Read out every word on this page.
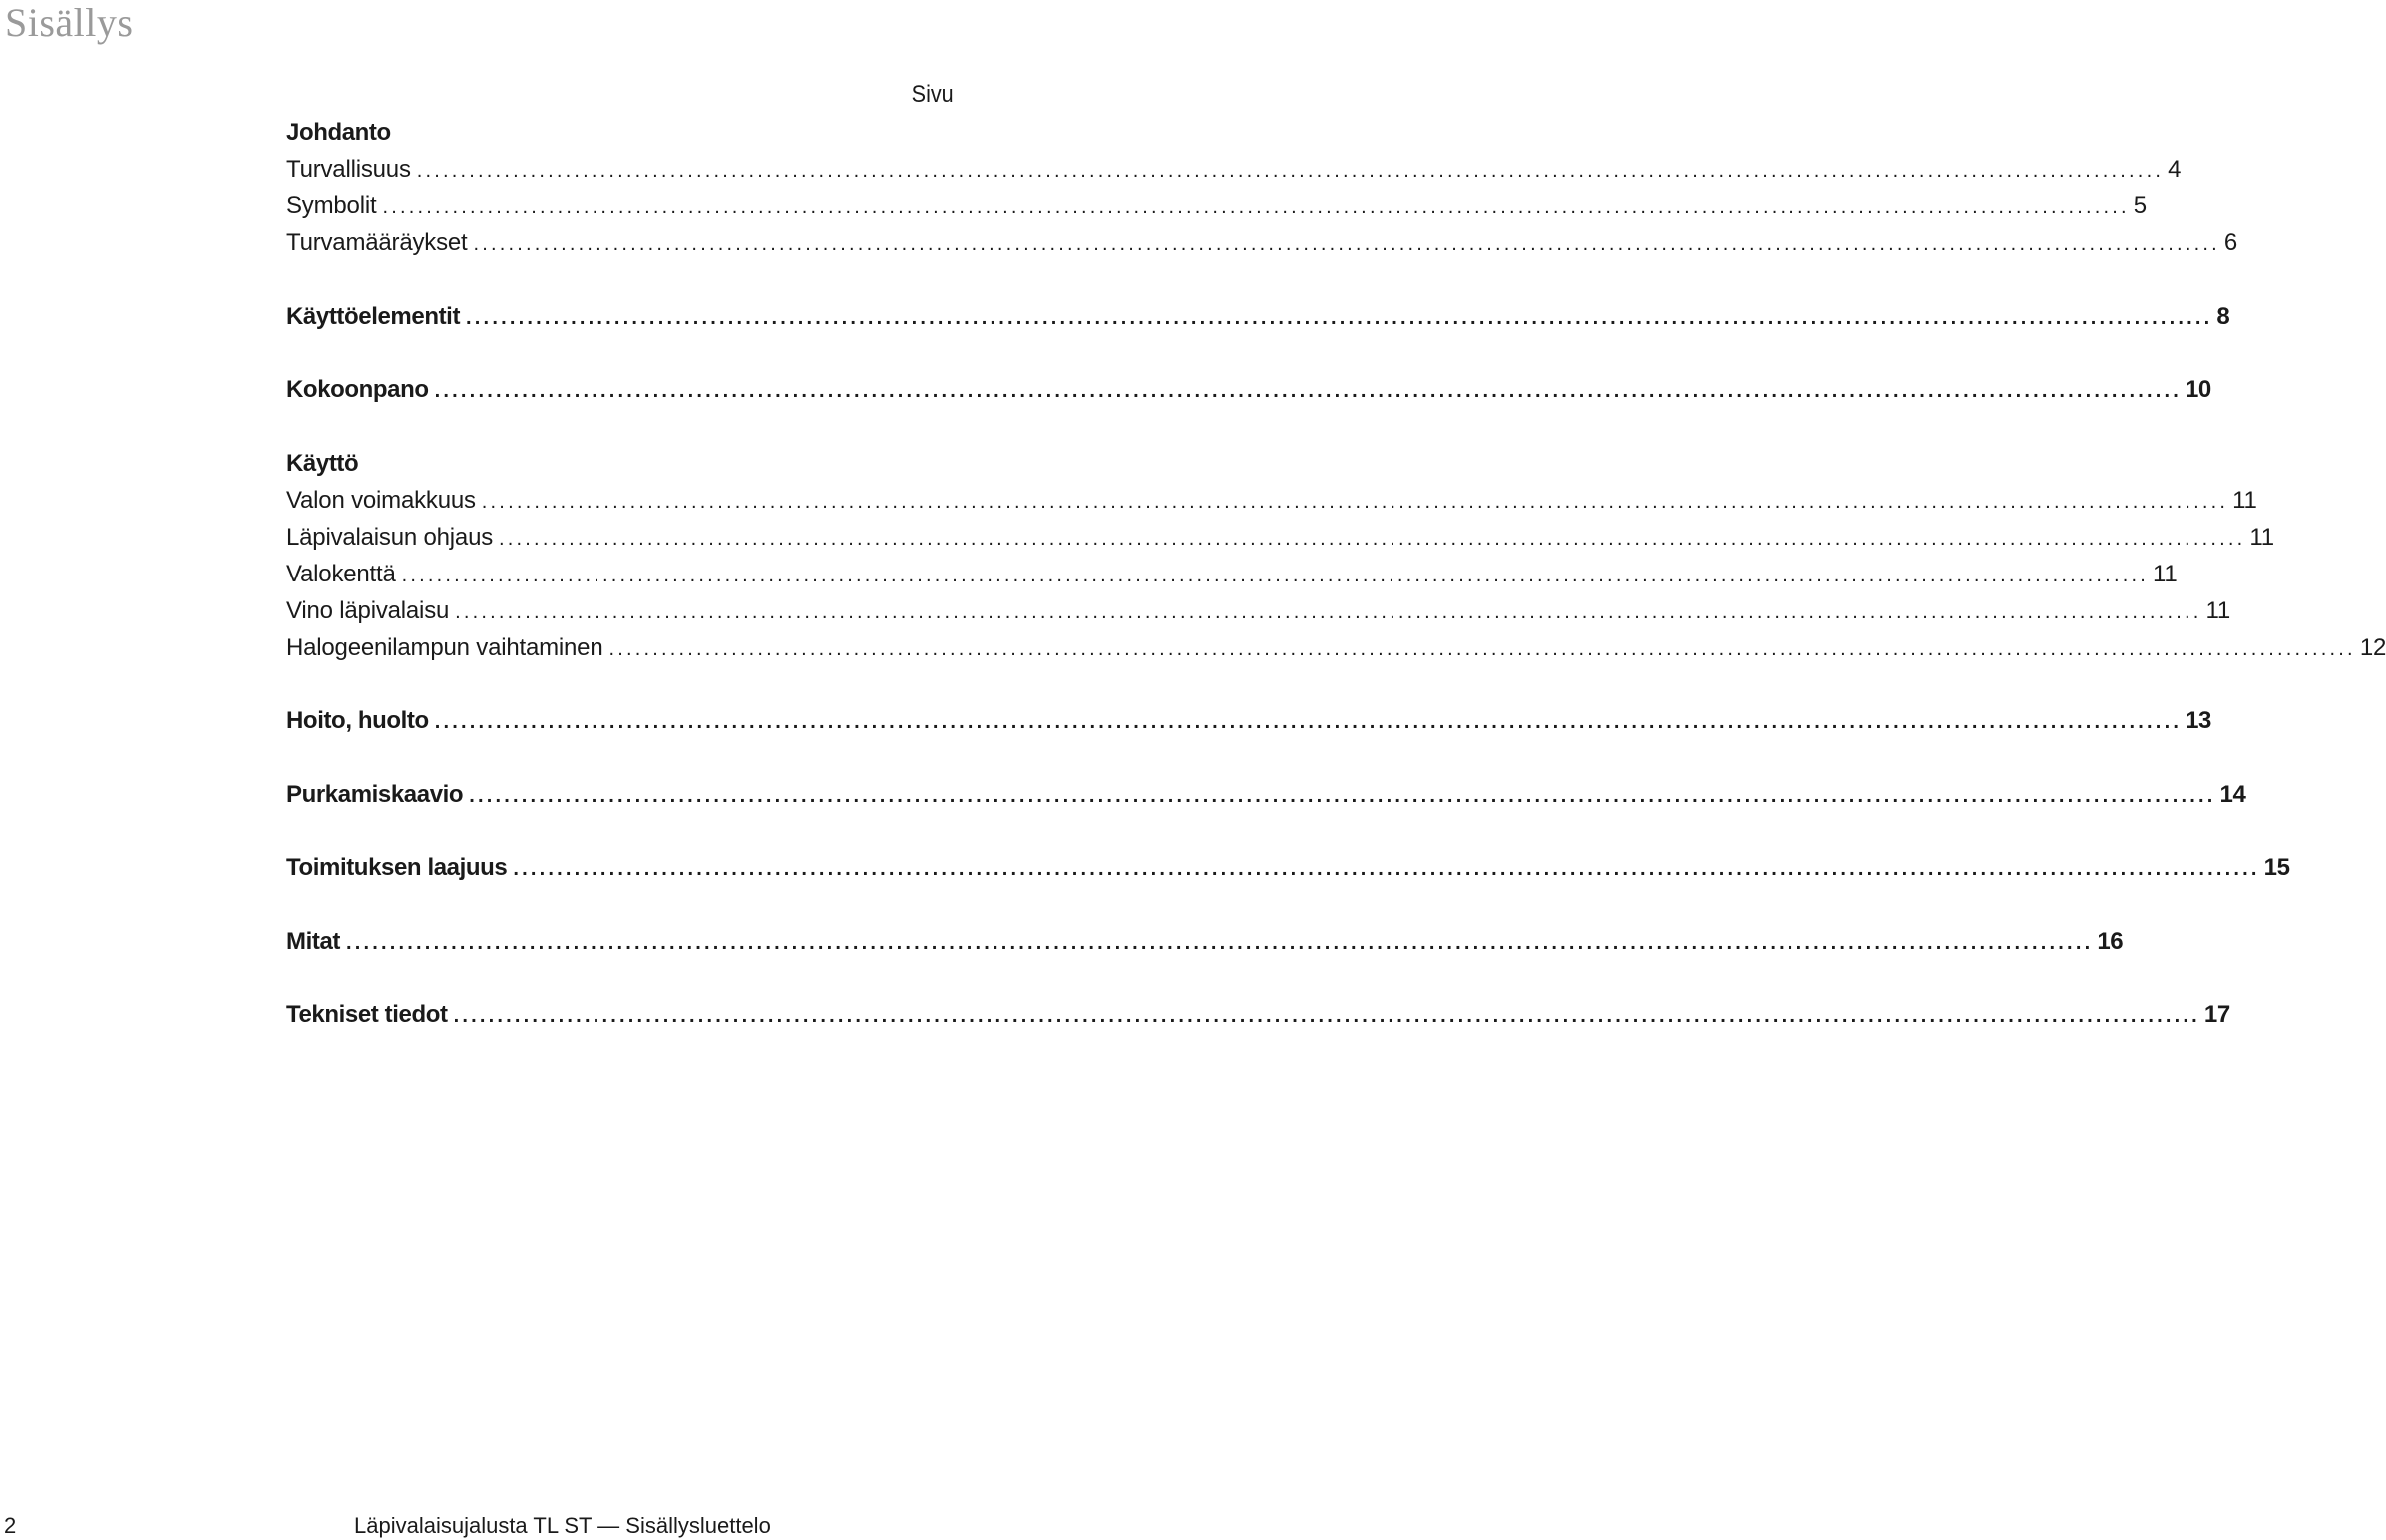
Sisällys
Sivu
Johdanto
Turvallisuus ........................................................................................................................................................................................................ 4
Symbolit ........................................................................................................................................................................................................ 5
Turvamääräykset ........................................................................................................................................................................................................ 6
Käyttöelementit ........................................................................................................................................................................................................ 8
Kokoonpano ........................................................................................................................................................................................................ 10
Käyttö
Valon voimakkuus ........................................................................................................................................................................................................ 11
Läpivalaisun ohjaus ........................................................................................................................................................................................................ 11
Valokenttä ........................................................................................................................................................................................................ 11
Vino läpivalaisu ........................................................................................................................................................................................................ 11
Halogeenilampun vaihtaminen ........................................................................................................................................................................................................ 12
Hoito, huolto ........................................................................................................................................................................................................ 13
Purkamiskaavio ........................................................................................................................................................................................................ 14
Toimituksen laajuus ........................................................................................................................................................................................................ 15
Mitat ........................................................................................................................................................................................................ 16
Tekniset tiedot ........................................................................................................................................................................................................ 17
2	Läpivalaisujalusta TL ST — Sisällysluettelo
